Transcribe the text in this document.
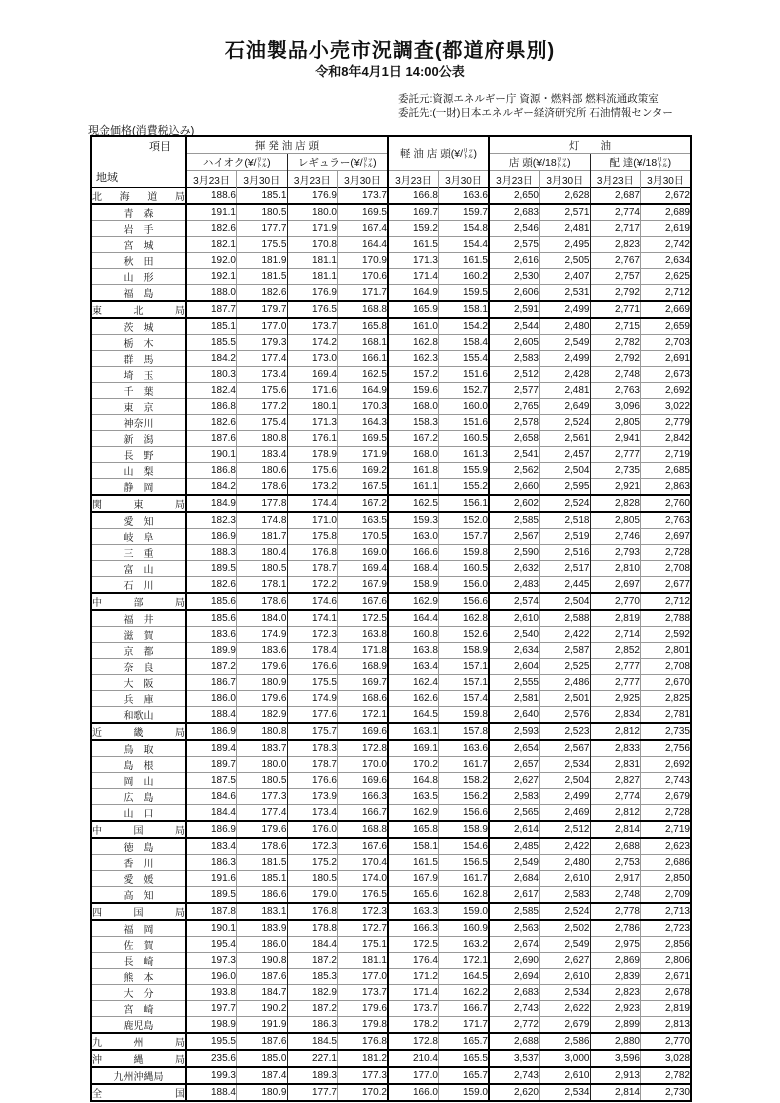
石油製品小売市況調査(都道府県別)
令和8年4月1日 14:00公表
委託元:資源エネルギー庁 資源・燃料部 燃料流通政策室
委託先:(一財)日本エネルギー経済研究所 石油情報センター
現金価格(消費税込み)
項目
地域	揮 発 油 店 頭				軽 油 店 頭(¥/㍑)		灯　　油			
	ハイオク(¥/㍑)		レギュラー(¥/㍑)				店 頭(¥/18㍑)		配 達(¥/18㍑)	
	3月23日	3月30日	3月23日	3月30日	3月23日	3月30日	3月23日	3月30日	3月23日	3月30日
北海道局	188.6	185.1	176.9	173.7	166.8	163.6	2,650	2,628	2,687	2,672
青　森	191.1	180.5	180.0	169.5	169.7	159.7	2,683	2,571	2,774	2,689
岩　手	182.6	177.7	171.9	167.4	159.2	154.8	2,546	2,481	2,717	2,619
宮　城	182.1	175.5	170.8	164.4	161.5	154.4	2,575	2,495	2,823	2,742
秋　田	192.0	181.9	181.1	170.9	171.3	161.5	2,616	2,505	2,767	2,634
山　形	192.1	181.5	181.1	170.6	171.4	160.2	2,530	2,407	2,757	2,625
福　島	188.0	182.6	176.9	171.7	164.9	159.5	2,606	2,531	2,792	2,712
東北局	187.7	179.7	176.5	168.8	165.9	158.1	2,591	2,499	2,771	2,669
茨　城	185.1	177.0	173.7	165.8	161.0	154.2	2,544	2,480	2,715	2,659
栃　木	185.5	179.3	174.2	168.1	162.8	158.4	2,605	2,549	2,782	2,703
群　馬	184.2	177.4	173.0	166.1	162.3	155.4	2,583	2,499	2,792	2,691
埼　玉	180.3	173.4	169.4	162.5	157.2	151.6	2,512	2,428	2,748	2,673
千　葉	182.4	175.6	171.6	164.9	159.6	152.7	2,577	2,481	2,763	2,692
東　京	186.8	177.2	180.1	170.3	168.0	160.0	2,765	2,649	3,096	3,022
神奈川	182.6	175.4	171.3	164.3	158.3	151.6	2,578	2,524	2,805	2,779
新　潟	187.6	180.8	176.1	169.5	167.2	160.5	2,658	2,561	2,941	2,842
長　野	190.1	183.4	178.9	171.9	168.0	161.3	2,541	2,457	2,777	2,719
山　梨	186.8	180.6	175.6	169.2	161.8	155.9	2,562	2,504	2,735	2,685
静　岡	184.2	178.6	173.2	167.5	161.1	155.2	2,660	2,595	2,921	2,863
関東局	184.9	177.8	174.4	167.2	162.5	156.1	2,602	2,524	2,828	2,760
愛　知	182.3	174.8	171.0	163.5	159.3	152.0	2,585	2,518	2,805	2,763
岐　阜	186.9	181.7	175.8	170.5	163.0	157.7	2,567	2,519	2,746	2,697
三　重	188.3	180.4	176.8	169.0	166.6	159.8	2,590	2,516	2,793	2,728
富　山	189.5	180.5	178.7	169.4	168.4	160.5	2,632	2,517	2,810	2,708
石　川	182.6	178.1	172.2	167.9	158.9	156.0	2,483	2,445	2,697	2,677
中部局	185.6	178.6	174.6	167.6	162.9	156.6	2,574	2,504	2,770	2,712
福　井	185.6	184.0	174.1	172.5	164.4	162.8	2,610	2,588	2,819	2,788
滋　賀	183.6	174.9	172.3	163.8	160.8	152.6	2,540	2,422	2,714	2,592
京　都	189.9	183.6	178.4	171.8	163.8	158.9	2,634	2,587	2,852	2,801
奈　良	187.2	179.6	176.6	168.9	163.4	157.1	2,604	2,525	2,777	2,708
大　阪	186.7	180.9	175.5	169.7	162.4	157.1	2,555	2,486	2,777	2,670
兵　庫	186.0	179.6	174.9	168.6	162.6	157.4	2,581	2,501	2,925	2,825
和歌山	188.4	182.9	177.6	172.1	164.5	159.8	2,640	2,576	2,834	2,781
近畿局	186.9	180.8	175.7	169.6	163.1	157.8	2,593	2,523	2,812	2,735
鳥　取	189.4	183.7	178.3	172.8	169.1	163.6	2,654	2,567	2,833	2,756
島　根	189.7	180.0	178.7	170.0	170.2	161.7	2,657	2,534	2,831	2,692
岡　山	187.5	180.5	176.6	169.6	164.8	158.2	2,627	2,504	2,827	2,743
広　島	184.6	177.3	173.9	166.3	163.5	156.2	2,583	2,499	2,774	2,679
山　口	184.4	177.4	173.4	166.7	162.9	156.6	2,565	2,469	2,812	2,728
中国局	186.9	179.6	176.0	168.8	165.8	158.9	2,614	2,512	2,814	2,719
徳　島	183.4	178.6	172.3	167.6	158.1	154.6	2,485	2,422	2,688	2,623
香　川	186.3	181.5	175.2	170.4	161.5	156.5	2,549	2,480	2,753	2,686
愛　媛	191.6	185.1	180.5	174.0	167.9	161.7	2,684	2,610	2,917	2,850
高　知	189.5	186.6	179.0	176.5	165.6	162.8	2,617	2,583	2,748	2,709
四国局	187.8	183.1	176.8	172.3	163.3	159.0	2,585	2,524	2,778	2,713
福　岡	190.1	183.9	178.8	172.7	166.3	160.9	2,563	2,502	2,786	2,723
佐　賀	195.4	186.0	184.4	175.1	172.5	163.2	2,674	2,549	2,975	2,856
長　崎	197.3	190.8	187.2	181.1	176.4	172.1	2,690	2,627	2,869	2,806
熊　本	196.0	187.6	185.3	177.0	171.2	164.5	2,694	2,610	2,839	2,671
大　分	193.8	184.7	182.9	173.7	171.4	162.2	2,683	2,534	2,823	2,678
宮　崎	197.7	190.2	187.2	179.6	173.7	166.7	2,743	2,622	2,923	2,819
鹿児島	198.9	191.9	186.3	179.8	178.2	171.7	2,772	2,679	2,899	2,813
九州局	195.5	187.6	184.5	176.8	172.8	165.7	2,688	2,586	2,880	2,770
沖縄局	235.6	185.0	227.1	181.2	210.4	165.5	3,537	3,000	3,596	3,028
九州沖縄局	199.3	187.4	189.3	177.3	177.0	165.7	2,743	2,610	2,913	2,782
全国	188.4	180.9	177.7	170.2	166.0	159.0	2,620	2,534	2,814	2,730
